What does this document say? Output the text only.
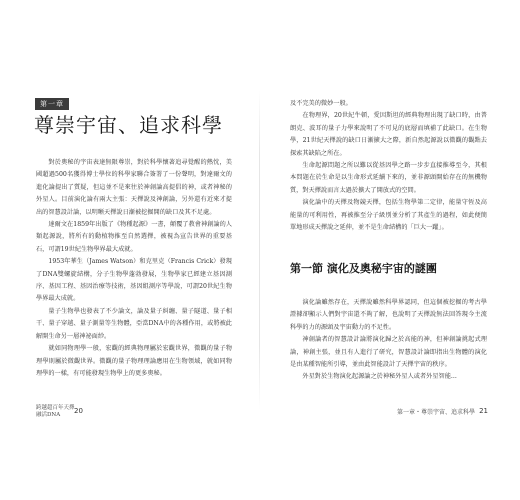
第一章
尊崇宇宙、追求科學

對於奧秘的宇宙表達無限尊崇，對於科學懷著追尋覺醒的熱忱，美國超過500名獲得博士學位的科學家聯合簽署了一份聲明，對達爾文的進化論提出了質疑，但這並不是來往於神創論高提倡的神，或者神秘的外星人。目前演化論有兩大主張：天擇說及神創論，另外還有近來才提出的智慧設計論，以明晰天擇說日漸被挖掘開的缺口及其不足處。

達爾文在1859年出版了《物種起源》一書，顛覆了教會神創論的人類起源說，將所有的動植物推至自然選擇，被視為宣告世界的重要基石，可謂19世紀生物學界最大成就。

1953年華生（James Watson）和克里克（Francis Crick）發現了DNA雙螺旋結構，分子生物學蓬勃發展，生物學家已經建立基因測序、基因工程、基因治療等技術，基因組測序等學說，可謂20世紀生物學界最大成就。

量子生物學也發表了不少論文，論及量子糾纏、量子隧道、量子相干、量子穿越、量子測量等生物體，亞當DNA中的各種作用，或將被此解開生命另一層神祕面紗。

就如同物理學一般，宏觀的經典物理屬於宏觀世界，微觀的量子物理學則屬於微觀世界。微觀的量子物理理論應用在生物領域，就如同物理學的一樣，有可能發現生物學上的更多奧秘。

跨越超百年天擇
融活DNA	20

及不完美的微妙一般。

在物理界，20世紀牛頓，愛因斯坦的經典物理出現了缺口時，由普朗克、波耳的量子力學來說明了不可見的底層而填補了此缺口。在生物學，21世紀天擇說的缺口日漸擴大之際，新自然起源說以微觀的觀點去探索其缺陷之所在。

生命起源問題之所以難以從基因學之路一步步直接推導至今，其根本問題在於生命是以生命形式延續下來的，並非源頭開始存在的無機物質，對天擇說而言太過於擴大了開放式的空間。

演化論中的天擇及物競天擇，包括生物學第二定律，能量守恆及高能量的可利用性，再被推至分子級別並分析了其產生的過程，如此便簡單地形成天擇說之延伸，並不是生命結構的「巨大一躍」。

第一節 演化及奧秘宇宙的謎團

演化論雖然存在，天擇說雖然科學界認同，但這個被挖掘的考古學證據卻顯示人們對宇宙還不夠了解，也說明了天擇說無法回答現今主流科學的力的源頭及宇宙動力的不足性。

神創論者的智慧設計論將演化歸之於高能的神，但神創論挑起式理論，神創主張，並且有人進行了研究，智慧設計論即指出生物體的演化是由某種智能所引導，並由此智能設計了天擇宇宙的秩序。

外星對於生物演化起源論之於神秘外星人或者外星智能...

第一章・尊崇宇宙、追求科學 21
